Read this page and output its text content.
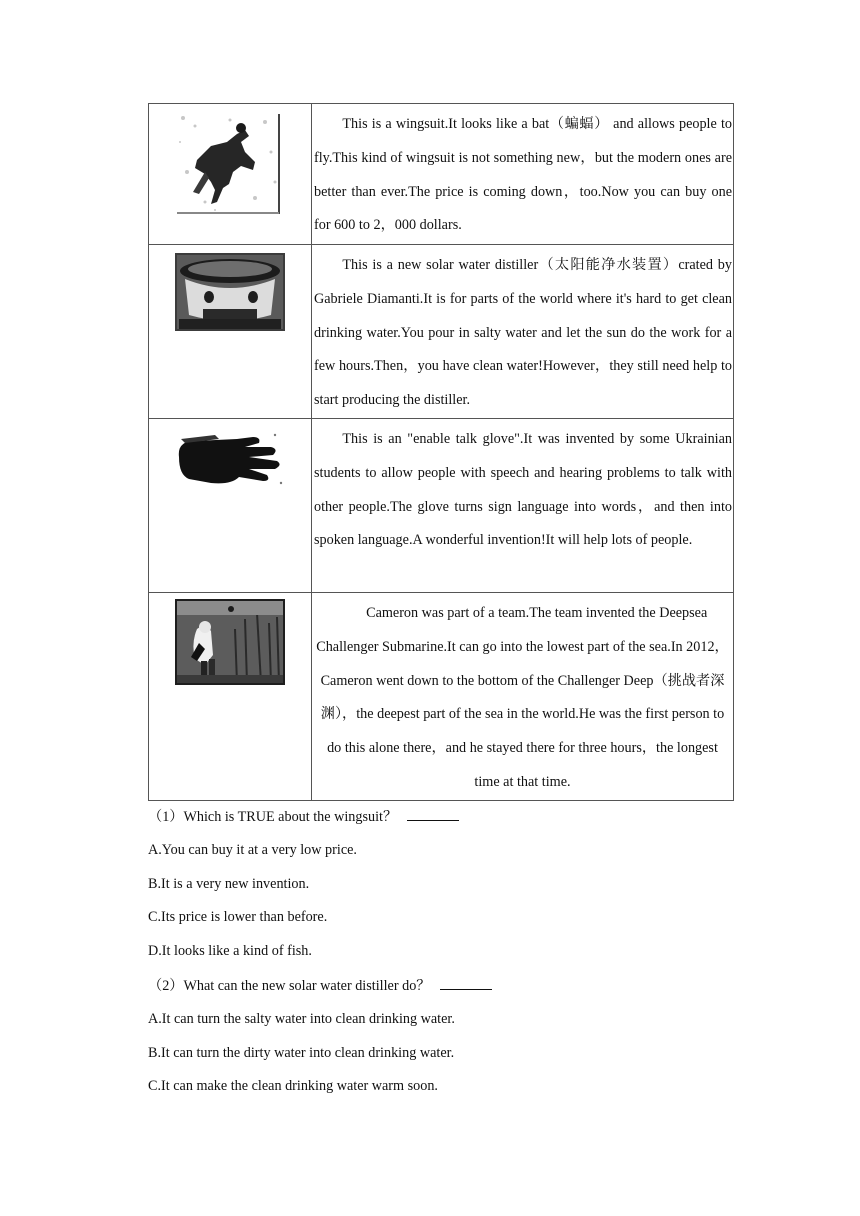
This is a wingsuit.It looks like a bat（蝙蝠） and allows people to fly.This kind of wingsuit is not something new，but the modern ones are better than ever.The price is coming down，too.Now you can buy one for 600 to 2，000 dollars.

This is a new solar water distiller（太阳能净水装置）crated by Gabriele Diamanti.It is for parts of the world where it's hard to get clean drinking water.You pour in salty water and let the sun do the work for a few hours.Then，you have clean water!However，they still need help to start producing the distiller.

This is an "enable talk glove".It was invented by some Ukrainian students to allow people with speech and hearing problems to talk with other people.The glove turns sign language into words，and then into spoken language.A wonderful invention!It will help lots of people.

Cameron was part of a team.The team invented the Deepsea Challenger Submarine.It can go into the lowest part of the sea.In 2012，Cameron went down to the bottom of the Challenger Deep（挑战者深渊），the deepest part of the sea in the world.He was the first person to do this alone there，and he stayed there for three hours，the longest time at that time.

（1）Which is TRUE about the wingsuit？

A.You can buy it at a very low price.

B.It is a very new invention.

C.Its price is lower than before.

D.It looks like a kind of fish.

（2）What can the new solar water distiller do？

A.It can turn the salty water into clean drinking water.

B.It can turn the dirty water into clean drinking water.

C.It can make the clean drinking water warm soon.
